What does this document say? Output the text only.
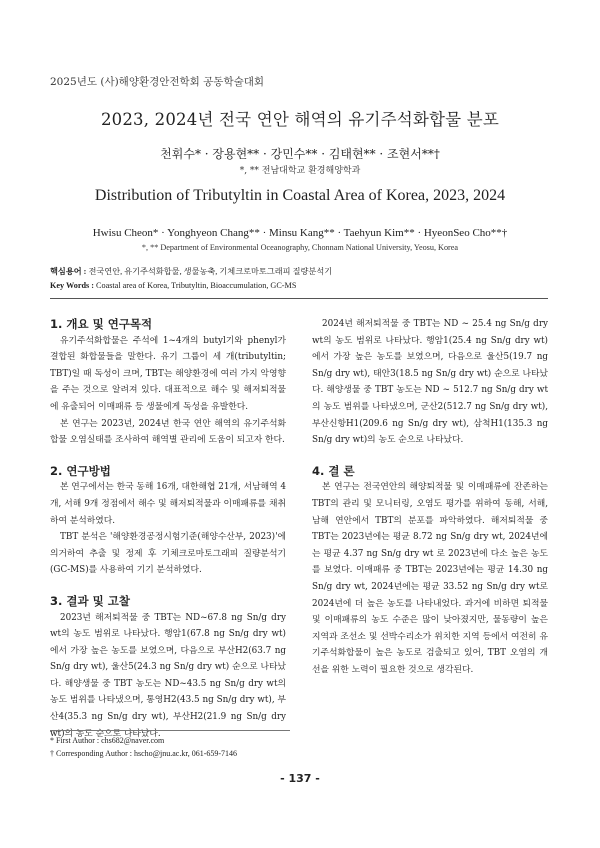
2025년도 (사)해양환경안전학회 공동학술대회
2023, 2024년 전국 연안 해역의 유기주석화합물 분포
천휘수* · 장용현** · 강민수** · 김태현** · 조현서**†
*, ** 전남대학교 환경해양학과
Distribution of Tributyltin in Coastal Area of Korea, 2023, 2024
Hwisu Cheon* · Yonghyeon Chang** · Minsu Kang** · Taehyun Kim** · HyeonSeo Cho**†
*, ** Department of Environmental Oceanography, Chonnam National University, Yeosu, Korea
핵심용어 : 전국연안, 유기주석화합물, 생물농축, 기체크로마토그래피 질량분석기
Key Words : Coastal area of Korea, Tributyltin, Bioaccumulation, GC-MS
1. 개요 및 연구목적

유기주석화합물은 주석에 1~4개의 butyl기와 phenyl가 결합된 화합물들을 말한다. 유기 그룹이 세 개(tributyltin; TBT)일 때 독성이 크며, TBT는 해양환경에 여러 가지 악영향을 주는 것으로 알려져 있다. 대표적으로 해수 및 해저퇴적물에 유출되어 이매패류 등 생물에게 독성을 유발한다.

본 연구는 2023년, 2024년 한국 연안 해역의 유기주석화합물 오염실태를 조사하여 해역별 관리에 도움이 되고자 한다.

2. 연구방법

본 연구에서는 한국 동해 16개, 대한해협 21개, 서남해역 4개, 서해 9개 정점에서 해수 및 해저퇴적물과 이매패류를 채취하여 분석하였다.

TBT 분석은 '해양환경공정시험기준(해양수산부, 2023)'에 의거하여 추출 및 정제 후 기체크로마토그래피 질량분석기(GC-MS)를 사용하여 기기 분석하였다.

3. 결과 및 고찰

2023년 해저퇴적물 중 TBT는 ND~67.8 ng Sn/g dry wt의 농도 범위로 나타났다. 행암1(67.8 ng Sn/g dry wt)에서 가장 높은 농도를 보였으며, 다음으로 부산H2(63.7 ng Sn/g dry wt), 울산5(24.3 ng Sn/g dry wt) 순으로 나타났다. 해양생물 중 TBT 농도는 ND~43.5 ng Sn/g dry wt의 농도 범위를 나타냈으며, 통영H2(43.5 ng Sn/g dry wt), 부산4(35.3 ng Sn/g dry wt), 부산H2(21.9 ng Sn/g dry wt)의 농도 순으로 나타났다.

2024년 해저퇴적물 중 TBT는 ND ~ 25.4 ng Sn/g dry wt의 농도 범위로 나타났다. 행암1(25.4 ng Sn/g dry wt)에서 가장 높은 농도를 보였으며, 다음으로 울산5(19.7 ng Sn/g dry wt), 태안3(18.5 ng Sn/g dry wt) 순으로 나타났다. 해양생물 중 TBT 농도는 ND ~ 512.7 ng Sn/g dry wt의 농도 범위를 나타냈으며, 군산2(512.7 ng Sn/g dry wt), 부산신항H1(209.6 ng Sn/g dry wt), 삼척H1(135.3 ng Sn/g dry wt)의 농도 순으로 나타났다.

4. 결 론

본 연구는 전국연안의 해양퇴적물 및 이매패류에 잔존하는 TBT의 관리 및 모니터링, 오염도 평가를 위하여 동해, 서해, 남해 연안에서 TBT의 분포를 파악하였다. 해저퇴적물 중 TBT는 2023년에는 평균 8.72 ng Sn/g dry wt, 2024년에는 평균 4.37 ng Sn/g dry wt 로 2023년에 다소 높은 농도를 보였다. 이매패류 중 TBT는 2023년에는 평균 14.30 ng Sn/g dry wt, 2024년에는 평균 33.52 ng Sn/g dry wt로 2024년에 더 높은 농도를 나타내었다. 과거에 비하면 퇴적물 및 이매패류의 농도 수준은 많이 낮아졌지만, 물동량이 높은 지역과 조선소 및 선박수리소가 위치한 지역 등에서 여전히 유기주석화합물이 높은 농도로 검출되고 있어, TBT 오염의 개선을 위한 노력이 필요한 것으로 생각된다.

* First Author : chs682@naver.com
† Corresponding Author : hscho@jnu.ac.kr, 061-659-7146
- 137 -
